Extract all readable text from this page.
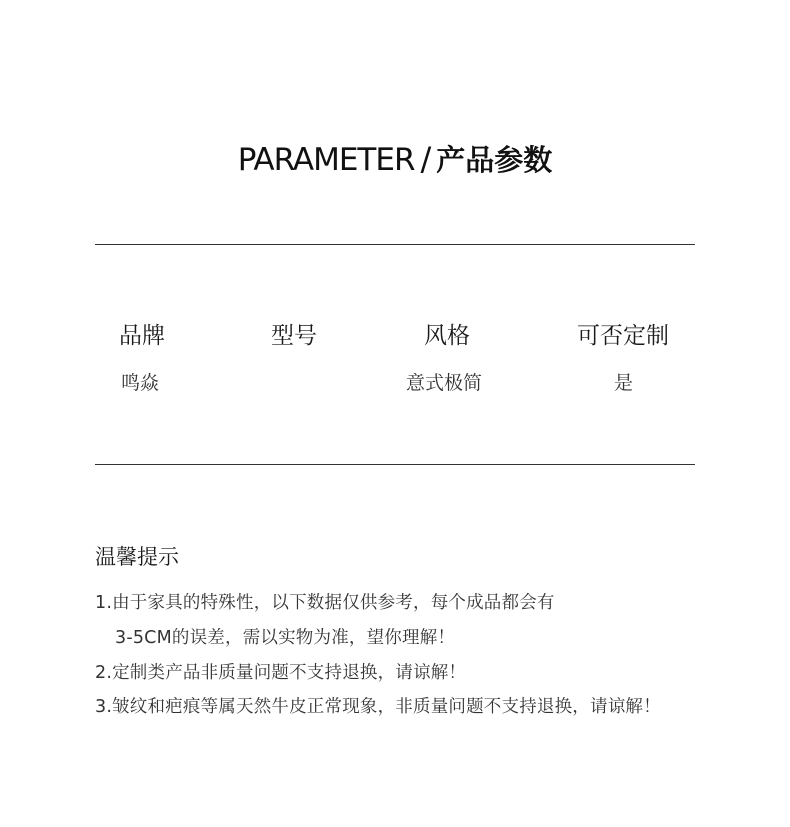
PARAMETER / 产品参数
品牌
鸣焱
型号	风格
意式极简
可否定制
是
温馨提示
1.由于家具的特殊性，以下数据仅供参考，每个成品都会有
3-5CM的误差，需以实物为准，望你理解！
2.定制类产品非质量问题不支持退换，请谅解！
3.皱纹和疤痕等属天然牛皮正常现象，非质量问题不支持退换，请谅解！
